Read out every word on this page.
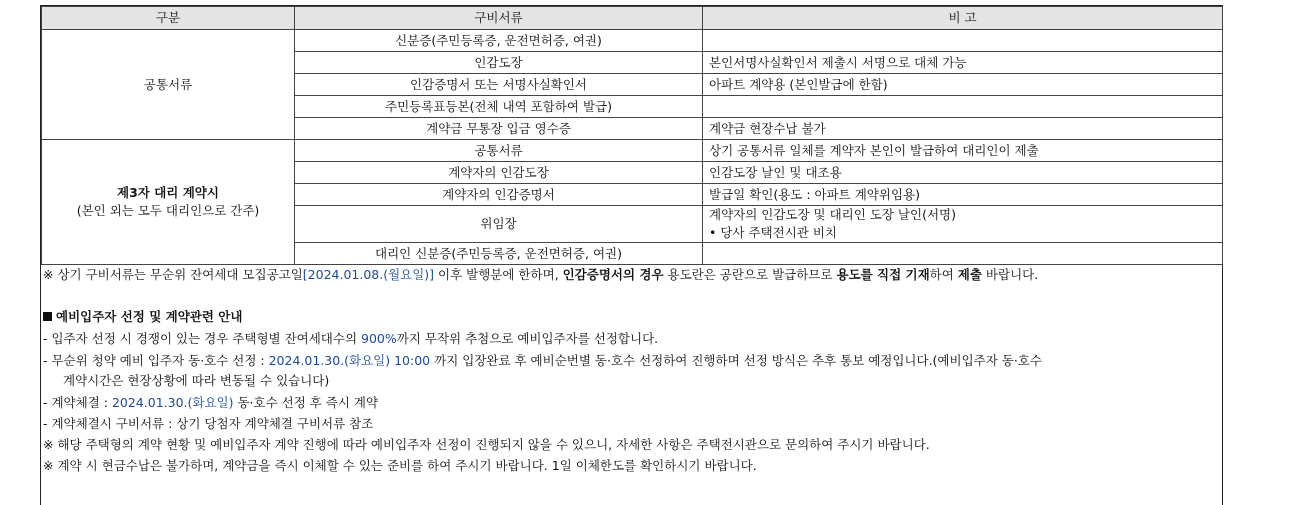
구분	구비서류	비 고
공통서류	신분증(주민등록증, 운전면허증, 여권)	
	인감도장	본인서명사실확인서 제출시 서명으로 대체 가능
	인감증명서 또는 서명사실확인서	아파트 계약용 (본인발급에 한함)
	주민등록표등본(전체 내역 포함하여 발급)	
	계약금 무통장 입금 영수증	계약금 현장수납 불가

제3자 대리 계약시
(본인 외는 모두 대리인으로 간주)	공통서류	상기 공통서류 일체를 계약자 본인이 발급하여 대리인이 제출
	계약자의 인감도장	인감도장 날인 및 대조용
	계약자의 인감증명서	발급일 확인(용도 : 아파트 계약위임용)
	위임장	계약자의 인감도장 및 대리인 도장 날인(서명)
• 당사 주택전시관 비치

	대리인 신분증(주민등록증, 운전면허증, 여권)	
※ 상기 구비서류는 무순위 잔여세대 모집공고일[2024.01.08.(월요일)] 이후 발행분에 한하며, 인감증명서의 경우 용도란은 공란으로 발급하므로 용도를 직접 기재하여 제출 바랍니다.
예비입주자 선정 및 계약관련 안내
- 입주자 선정 시 경쟁이 있는 경우 주택형별 잔여세대수의 900%까지 무작위 추첨으로 예비입주자를 선정합니다.
- 무순위 청약 예비 입주자 동·호수 선정 : 2024.01.30.(화요일) 10:00 까지 입장완료 후 예비순번별 동·호수 선정하여 진행하며 선정 방식은 추후 통보 예정입니다.(예비입주자 동·호수
계약시간은 현장상황에 따라 변동될 수 있습니다)
- 계약체결 : 2024.01.30.(화요일) 동·호수 선정 후 즉시 계약
- 계약체결시 구비서류 : 상기 당첨자 계약체결 구비서류 참조
※ 해당 주택형의 계약 현황 및 예비입주자 계약 진행에 따라 예비입주자 선정이 진행되지 않을 수 있으니, 자세한 사항은 주택전시관으로 문의하여 주시기 바랍니다.
※ 계약 시 현금수납은 불가하며, 계약금을 즉시 이체할 수 있는 준비를 하여 주시기 바랍니다. 1일 이체한도를 확인하시기 바랍니다.
